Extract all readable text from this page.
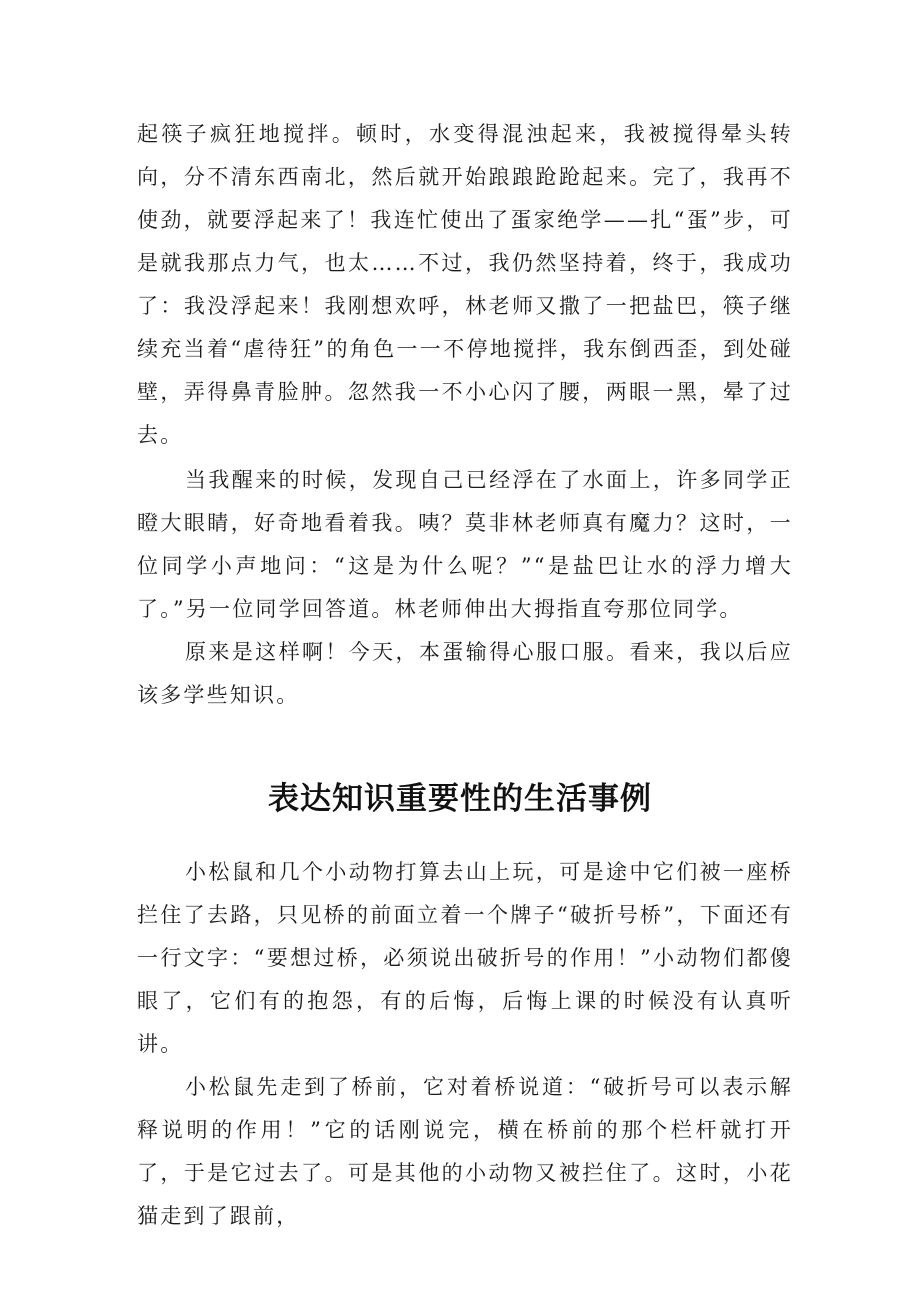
起筷子疯狂地搅拌。顿时，水变得混浊起来，我被搅得晕头转向，分不清东西南北，然后就开始踉踉跄跄起来。完了，我再不使劲，就要浮起来了！我连忙使出了蛋家绝学——扎“蛋”步，可是就我那点力气，也太……不过，我仍然坚持着，终于，我成功了：我没浮起来！我刚想欢呼，林老师又撒了一把盐巴，筷子继续充当着“虐待狂”的角色一一不停地搅拌，我东倒西歪，到处碰壁，弄得鼻青脸肿。忽然我一不小心闪了腰，两眼一黑，晕了过去。

当我醒来的时候，发现自己已经浮在了水面上，许多同学正瞪大眼睛，好奇地看着我。咦？莫非林老师真有魔力？这时，一位同学小声地问：“这是为什么呢？”“是盐巴让水的浮力增大了。”另一位同学回答道。林老师伸出大拇指直夸那位同学。

原来是这样啊！今天，本蛋输得心服口服。看来，我以后应该多学些知识。

表达知识重要性的生活事例

小松鼠和几个小动物打算去山上玩，可是途中它们被一座桥拦住了去路，只见桥的前面立着一个牌子“破折号桥”，下面还有一行文字：“要想过桥，必须说出破折号的作用！”小动物们都傻眼了，它们有的抱怨，有的后悔，后悔上课的时候没有认真听讲。

小松鼠先走到了桥前，它对着桥说道：“破折号可以表示解释说明的作用！”它的话刚说完，横在桥前的那个栏杆就打开了，于是它过去了。可是其他的小动物又被拦住了。这时，小花猫走到了跟前，
